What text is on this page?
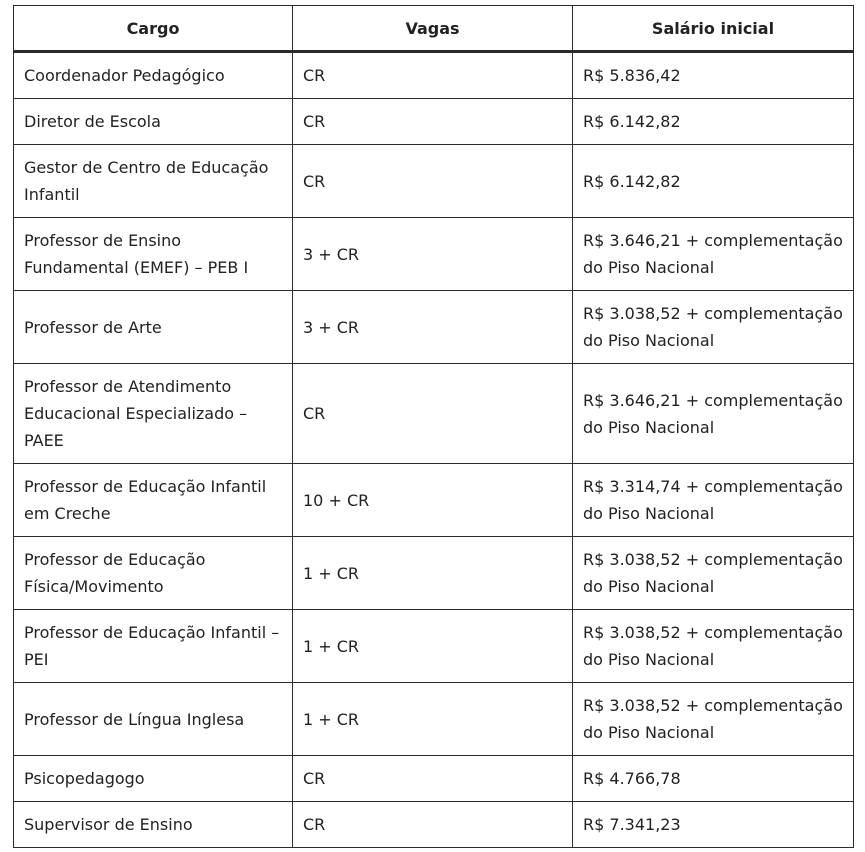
Cargo	Vagas	Salário inicial
Coordenador Pedagógico	CR	R$ 5.836,42
Diretor de Escola	CR	R$ 6.142,82
Gestor de Centro de Educação Infantil	CR	R$ 6.142,82
Professor de Ensino Fundamental (EMEF) – PEB I	3 + CR	R$ 3.646,21 + complementação do Piso Nacional
Professor de Arte	3 + CR	R$ 3.038,52 + complementação do Piso Nacional
Professor de Atendimento Educacional Especializado – PAEE	CR	R$ 3.646,21 + complementação do Piso Nacional
Professor de Educação Infantil em Creche	10 + CR	R$ 3.314,74 + complementação do Piso Nacional
Professor de Educação Física/Movimento	1 + CR	R$ 3.038,52 + complementação do Piso Nacional
Professor de Educação Infantil – PEI	1 + CR	R$ 3.038,52 + complementação do Piso Nacional
Professor de Língua Inglesa	1 + CR	R$ 3.038,52 + complementação do Piso Nacional
Psicopedagogo	CR	R$ 4.766,78
Supervisor de Ensino	CR	R$ 7.341,23
